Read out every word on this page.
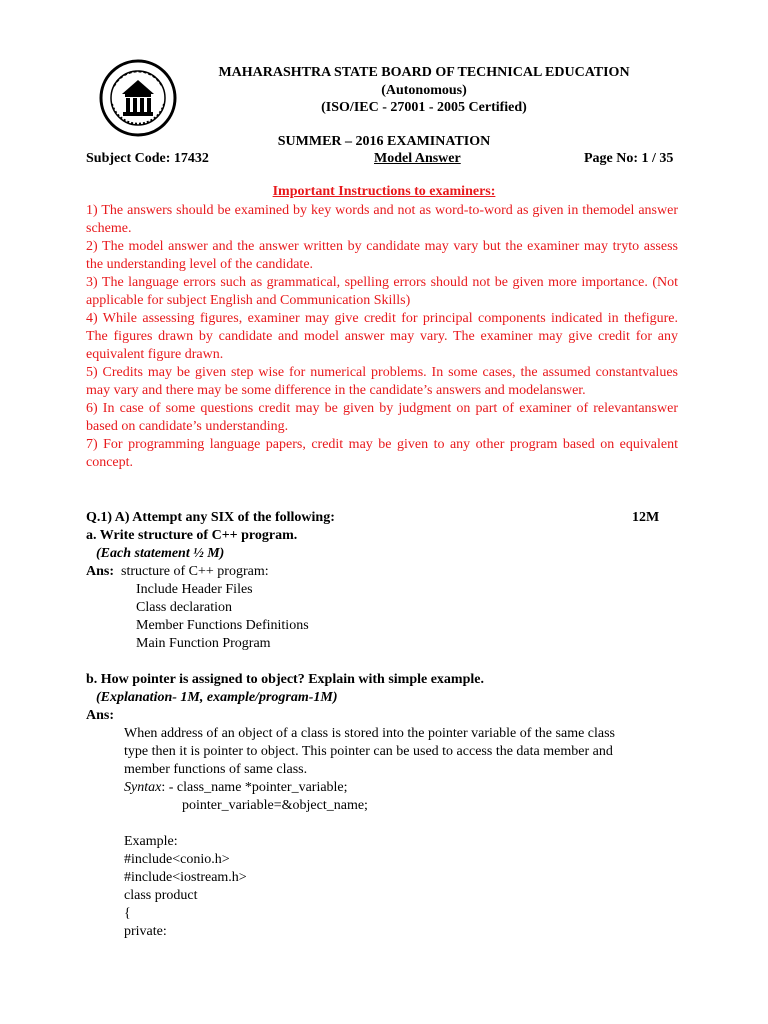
MAHARASHTRA STATE BOARD OF TECHNICAL EDUCATION
(Autonomous)
(ISO/IEC - 27001 - 2005 Certified)
SUMMER – 2016 EXAMINATION
Subject Code: 17432	Model Answer	Page No: 1 / 35
Important Instructions to examiners:

1) The answers should be examined by key words and not as word-to-word as given in themodel answer scheme.

2) The model answer and the answer written by candidate may vary but the examiner may tryto assess the understanding level of the candidate.

3) The language errors such as grammatical, spelling errors should not be given more importance. (Not applicable for subject English and Communication Skills)

4) While assessing figures, examiner may give credit for principal components indicated in thefigure. The figures drawn by candidate and model answer may vary. The examiner may give credit for any equivalent figure drawn.

5) Credits may be given step wise for numerical problems. In some cases, the assumed constantvalues may vary and there may be some difference in the candidate’s answers and modelanswer.

6) In case of some questions credit may be given by judgment on part of examiner of relevantanswer based on candidate’s understanding.

7) For programming language papers, credit may be given to any other program based on equivalent concept.

Q.1) A) Attempt any SIX of the following:	12M
a. Write structure of C++ program.
(Each statement ½ M)
Ans: structure of C++ program:
Include Header Files
Class declaration
Member Functions Definitions
Main Function Program
b. How pointer is assigned to object? Explain with simple example.
(Explanation- 1M, example/program-1M)
Ans:
When address of an object of a class is stored into the pointer variable of the same class
type then it is pointer to object. This pointer can be used to access the data member and
member functions of same class.
Syntax: - class_name *pointer_variable;
pointer_variable=&object_name;
Example:
#include<conio.h>
#include<iostream.h>
class product
{
private:
